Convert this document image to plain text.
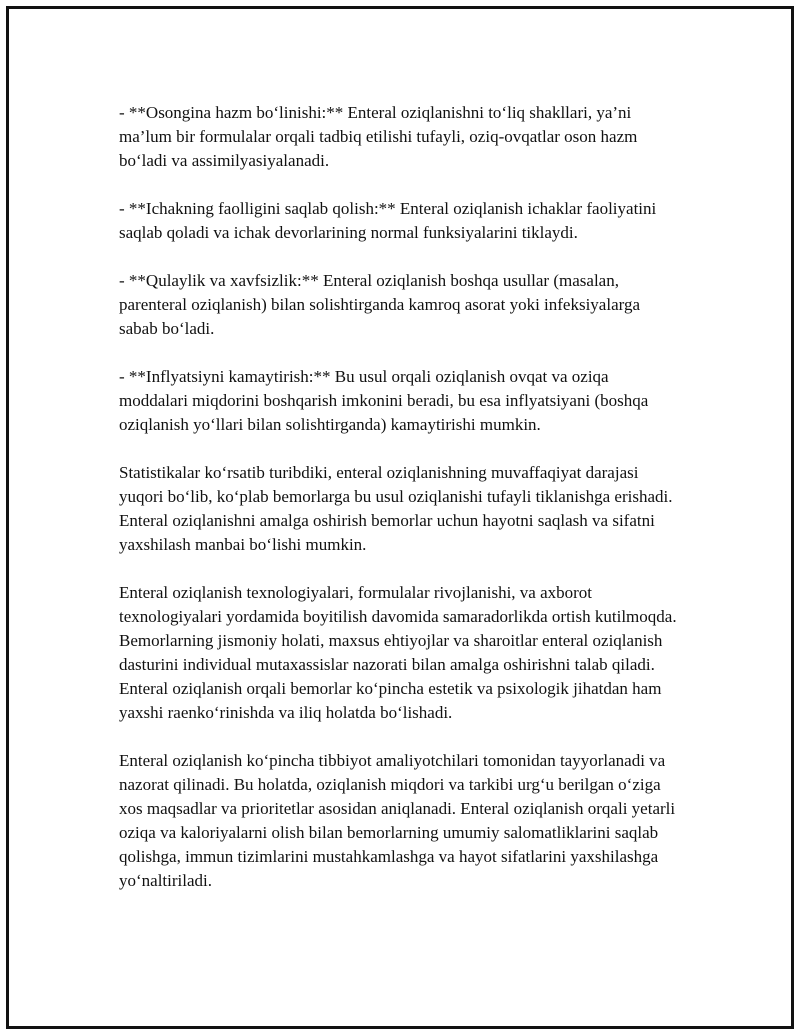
- **Osongina hazm bo‘linishi:** Enteral oziqlanishni to‘liq shakllari, ya’ni ma’lum bir formulalar orqali tadbiq etilishi tufayli, oziq-ovqatlar oson hazm bo‘ladi va assimilyasiyalanadi.

- **Ichakning faolligini saqlab qolish:** Enteral oziqlanish ichaklar faoliyatini saqlab qoladi va ichak devorlarining normal funksiyalarini tiklaydi.

- **Qulaylik va xavfsizlik:** Enteral oziqlanish boshqa usullar (masalan, parenteral oziqlanish) bilan solishtirganda kamroq asorat yoki infeksiyalarga sabab bo‘ladi.

- **Inflyatsiyni kamaytirish:** Bu usul orqali oziqlanish ovqat va oziqa moddalari miqdorini boshqarish imkonini beradi, bu esa inflyatsiyani (boshqa oziqlanish yo‘llari bilan solishtirganda) kamaytirishi mumkin.

Statistikalar ko‘rsatib turibdiki, enteral oziqlanishning muvaffaqiyat darajasi yuqori bo‘lib, ko‘plab bemorlarga bu usul oziqlanishi tufayli tiklanishga erishadi. Enteral oziqlanishni amalga oshirish bemorlar uchun hayotni saqlash va sifatni yaxshilash manbai bo‘lishi mumkin.

Enteral oziqlanish texnologiyalari, formulalar rivojlanishi, va axborot texnologiyalari yordamida boyitilish davomida samaradorlikda ortish kutilmoqda. Bemorlarning jismoniy holati, maxsus ehtiyojlar va sharoitlar enteral oziqlanish dasturini individual mutaxassislar nazorati bilan amalga oshirishni talab qiladi. Enteral oziqlanish orqali bemorlar ko‘pincha estetik va psixologik jihatdan ham yaxshi raenko‘rinishda va iliq holatda bo‘lishadi.

Enteral oziqlanish ko‘pincha tibbiyot amaliyotchilari tomonidan tayyorlanadi va nazorat qilinadi. Bu holatda, oziqlanish miqdori va tarkibi urg‘u berilgan o‘ziga xos maqsadlar va prioritetlar asosidan aniqlanadi. Enteral oziqlanish orqali yetarli oziqa va kaloriyalarni olish bilan bemorlarning umumiy salomatliklarini saqlab qolishga, immun tizimlarini mustahkamlashga va hayot sifatlarini yaxshilashga yo‘naltiriladi.
